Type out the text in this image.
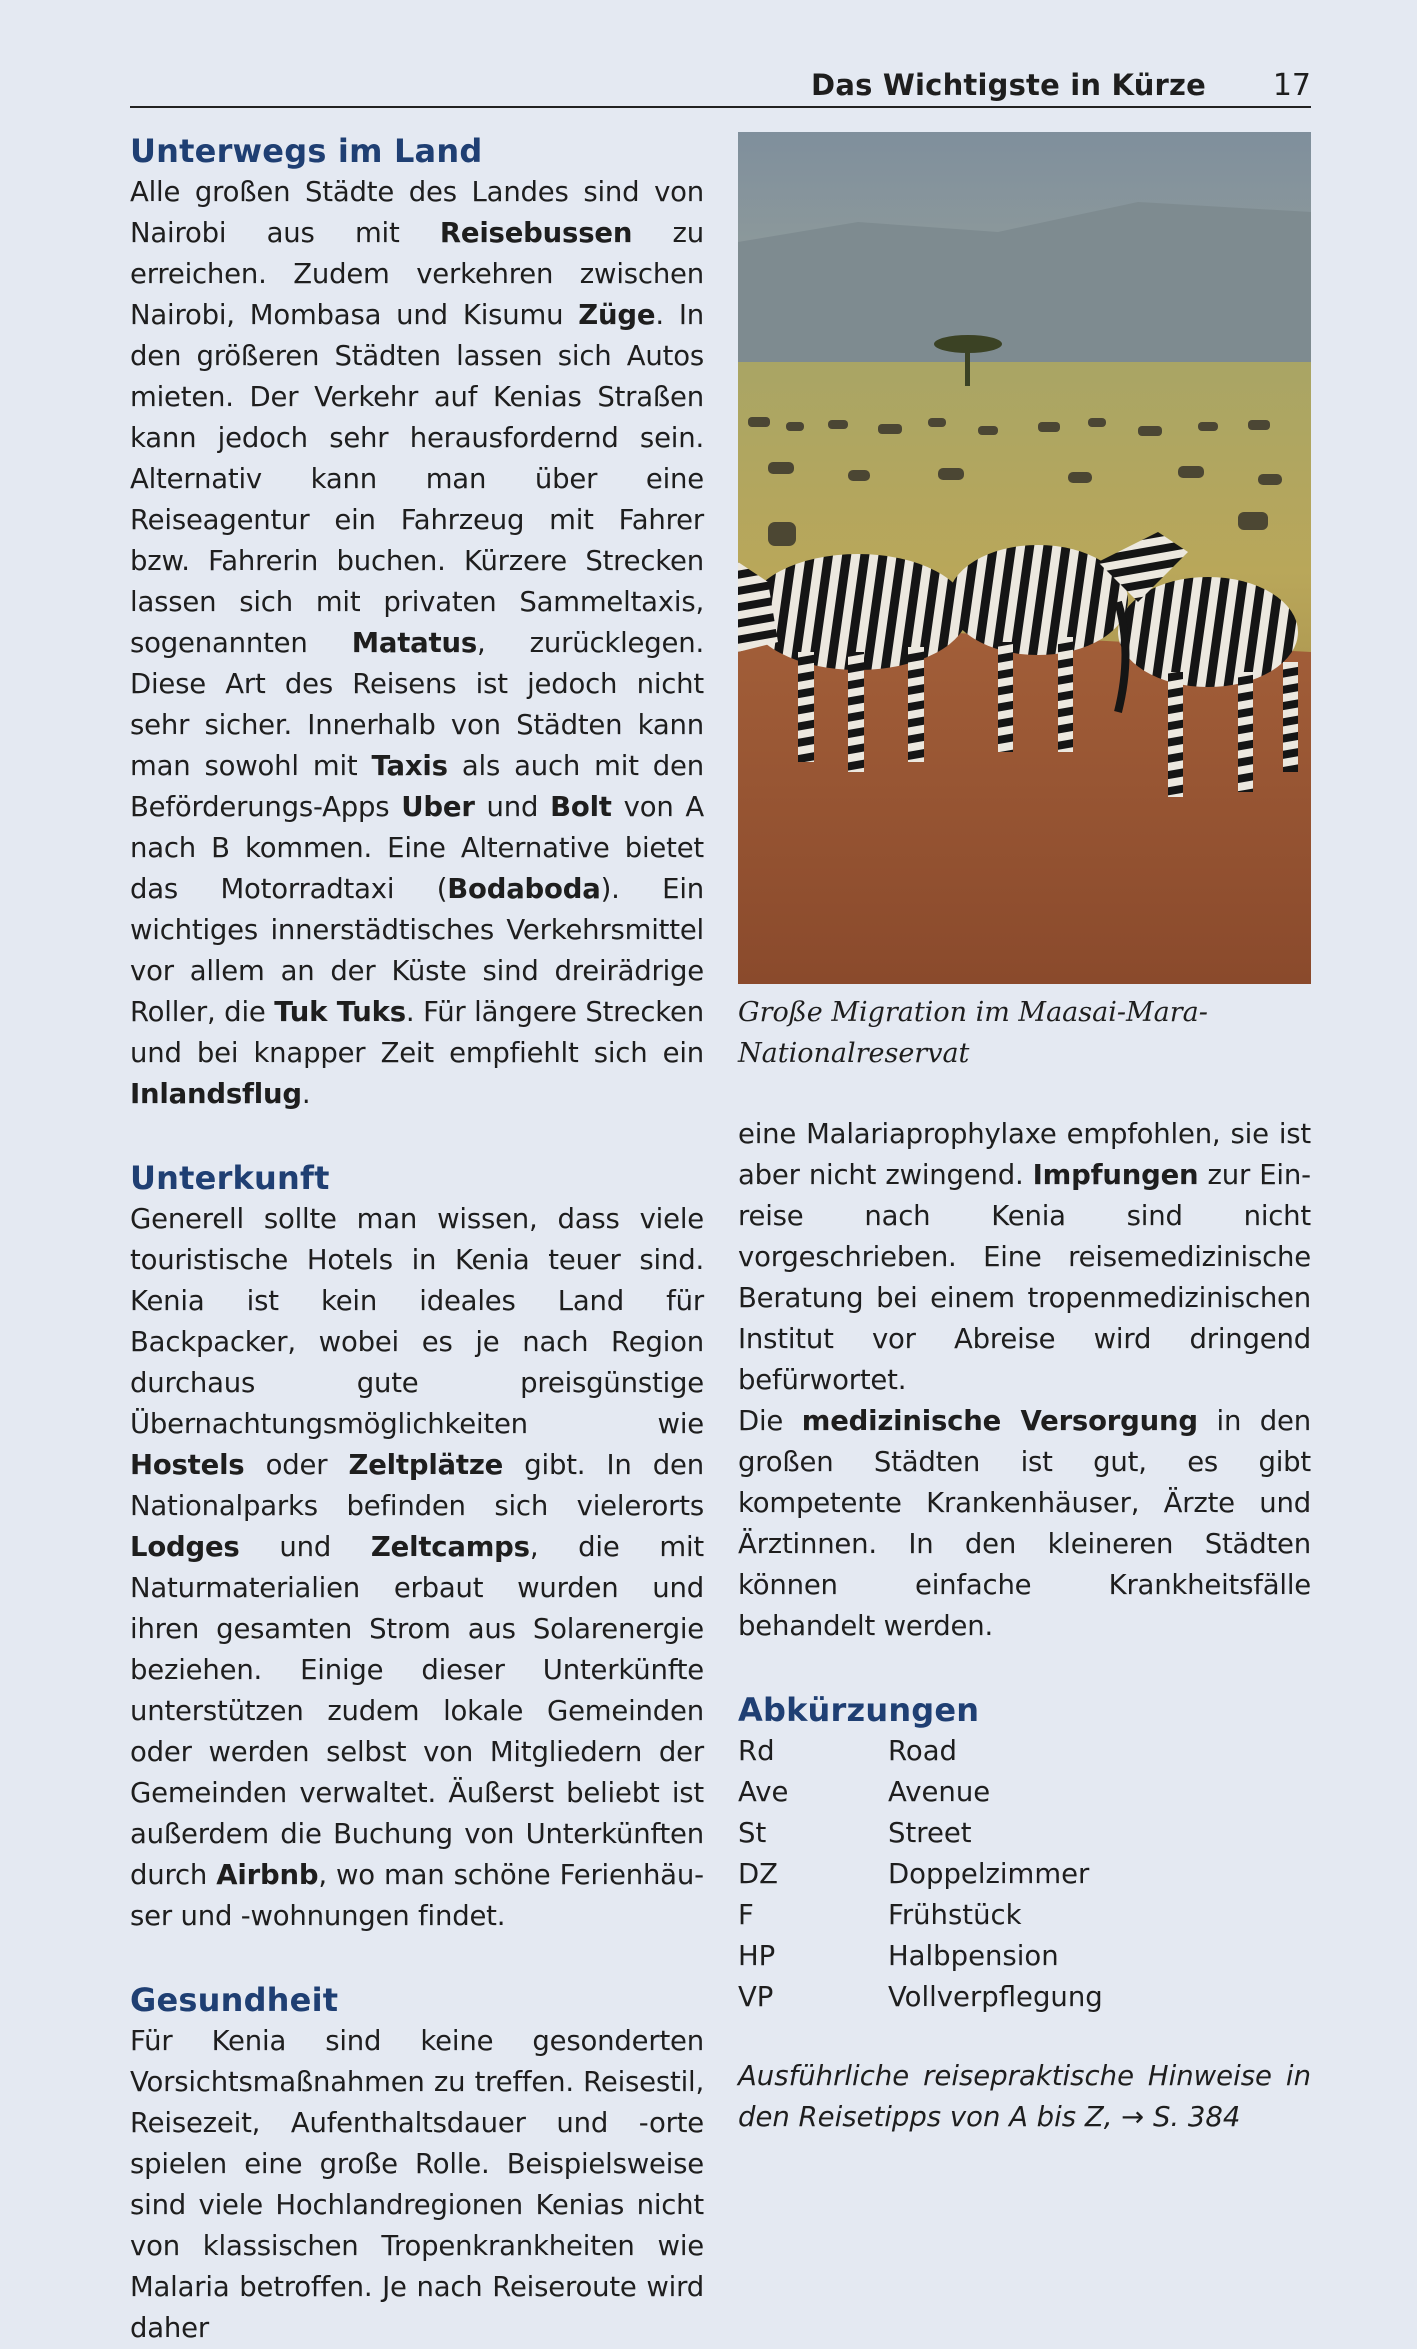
Das Wichtigste in Kürze 17
Unterwegs im Land

Alle großen Städte des Landes sind von Nairobi aus mit Reisebussen zu erreichen. Zudem verkehren zwischen Nairobi, Mombasa und Kisumu Züge. In den größeren Städten lassen sich Autos mieten. Der Verkehr auf Kenias Straßen kann jedoch sehr herausfordernd sein. Alternativ kann man über eine Reiseagentur ein Fahrzeug mit Fahrer bzw. Fahrerin buchen. Kürzere Strecken lassen sich mit privaten Sammeltaxis, sogenannten Matatus, zurücklegen. Diese Art des Reisens ist jedoch nicht sehr sicher. Innerhalb von Städten kann man sowohl mit Taxis als auch mit den Beförderungs-Apps Uber und Bolt von A nach B kommen. Eine Alternative bietet das Motorradtaxi (Bodaboda). Ein wichtiges innerstädtisches Verkehrsmittel vor allem an der Küste sind dreirädrige Roller, die Tuk Tuks. Für längere Strecken und bei knapper Zeit empfiehlt sich ein Inlandsflug.

Unterkunft

Generell sollte man wissen, dass viele touristische Hotels in Kenia teuer sind. Kenia ist kein ideales Land für Backpacker, wobei es je nach Region durchaus gute preisgünstige Übernachtungsmöglichkeiten wie Hostels oder Zeltplätze gibt. In den Nationalparks befinden sich vielerorts Lodges und Zeltcamps, die mit Naturmaterialien erbaut wurden und ihren gesamten Strom aus Solarenergie beziehen. Einige dieser Unterkünfte unterstützen zudem lokale Gemeinden oder werden selbst von Mitgliedern der Gemeinden verwaltet. Äußerst beliebt ist außerdem die Buchung von Unterkünften durch Airbnb, wo man schöne Ferienhäuser und -wohnungen findet.

Gesundheit

Für Kenia sind keine gesonderten Vorsichtsmaßnahmen zu treffen. Reisestil, Reisezeit, Aufenthaltsdauer und -orte spielen eine große Rolle. Beispielsweise sind viele Hochlandregionen Kenias nicht von klassischen Tropenkrankheiten wie Malaria betroffen. Je nach Reiseroute wird daher

Große Migration im Maasai-Mara-Nationalreservat

eine Malariaprophylaxe empfohlen, sie ist aber nicht zwingend. Impfungen zur Einreise nach Kenia sind nicht vorgeschrieben. Eine reisemedizinische Beratung bei einem tropenmedizinischen Institut vor Abreise wird dringend befürwortet.

Die medizinische Versorgung in den großen Städten ist gut, es gibt kompetente Krankenhäuser, Ärzte und Ärztinnen. In den kleineren Städten können einfache Krankheitsfälle behandelt werden.

Abkürzungen
Rd	Road
Ave	Avenue
St	Street
DZ	Doppelzimmer
F	Frühstück
HP	Halbpension
VP	Vollverpflegung
Ausführliche reisepraktische Hinweise in den Reisetipps von A bis Z, → S. 384
